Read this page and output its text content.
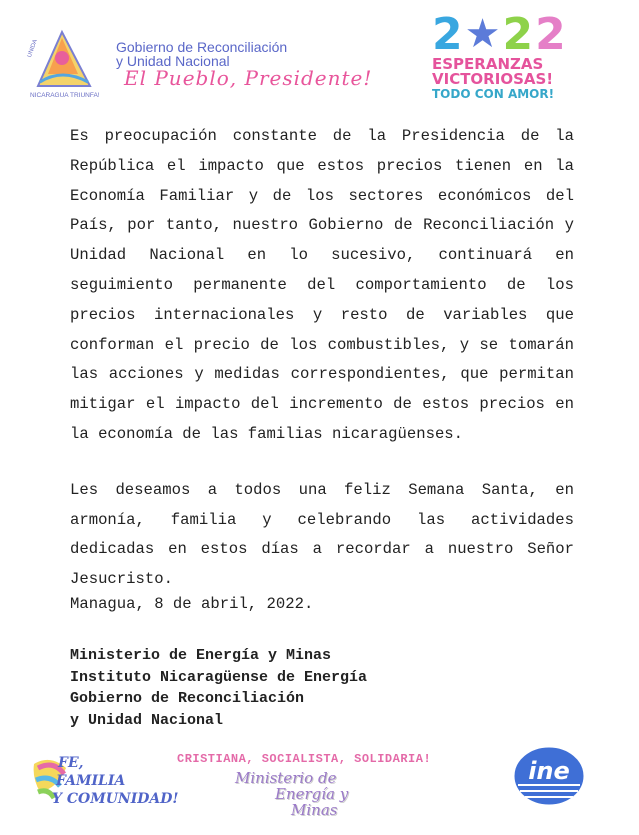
UNIDA
NICARAGUA TRIUNFA!
Gobierno de Reconciliación
y Unidad Nacional
El Pueblo, Presidente!
2★22
ESPERANZAS
VICTORIOSAS!
TODO CON AMOR!

Es preocupación constante de la Presidencia de la República el impacto que estos precios tienen en la Economía Familiar y de los sectores económicos del País, por tanto, nuestro Gobierno de Reconciliación y Unidad Nacional en lo sucesivo, continuará en seguimiento permanente del comportamiento de los precios internacionales y resto de variables que conforman el precio de los combustibles, y se tomarán las acciones y medidas correspondientes, que permitan mitigar el impacto del incremento de estos precios en la economía de las familias nicaragüenses.

Les deseamos a todos una feliz Semana Santa, en armonía, familia y celebrando las actividades dedicadas en estos días a recordar a nuestro Señor Jesucristo.

Managua, 8 de abril, 2022.
Ministerio de Energía y Minas
Instituto Nicaragüense de Energía
Gobierno de Reconciliación
y Unidad Nacional
FE,
FAMILIA
Y COMUNIDAD!
CRISTIANA, SOCIALISTA, SOLIDARIA!
Ministerio de
Energía y
Minas
ine
